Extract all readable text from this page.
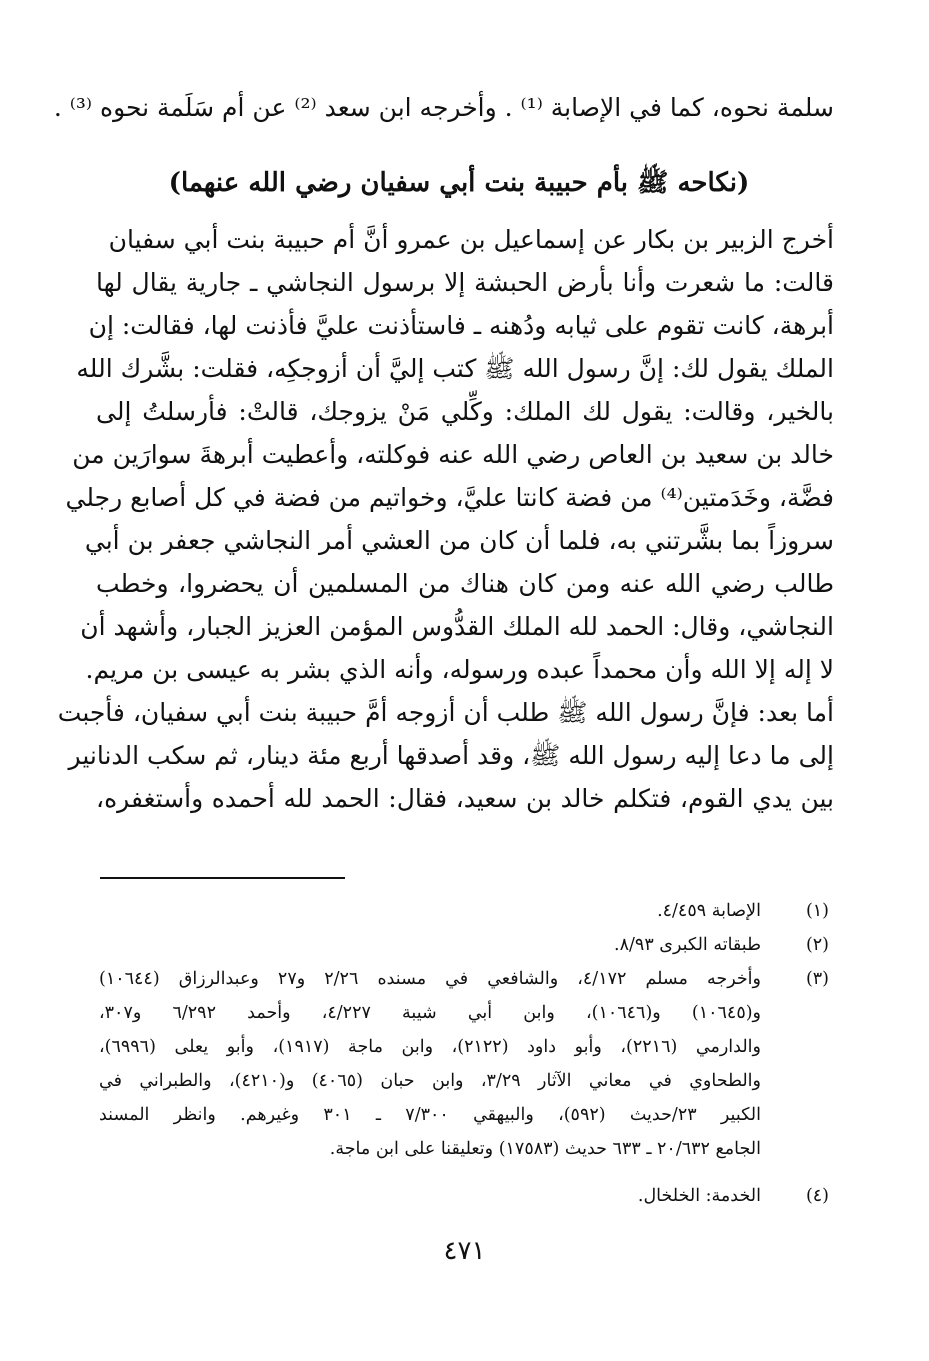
سلمة نحوه، كما في الإصابة ⁽¹⁾ . وأخرجه ابن سعد ⁽²⁾ عن أم سَلَمة نحوه ⁽³⁾ .
(نكاحه ﷺ بأم حبيبة بنت أبي سفيان رضي الله عنهما)
أخرج الزبير بن بكار عن إسماعيل بن عمرو أنَّ أم حبيبة بنت أبي سفيان
قالت: ما شعرت وأنا بأرض الحبشة إلا برسول النجاشي ـ جارية يقال لها
أبرهة، كانت تقوم على ثيابه ودُهنه ـ فاستأذنت عليَّ فأذنت لها، فقالت: إن
الملك يقول لك: إنَّ رسول الله ﷺ كتب إليَّ أن أزوجكِه، فقلت: بشَّرك الله
بالخير، وقالت: يقول لك الملك: وكِّلي مَنْ يزوجك، قالتْ: فأرسلتُ إلى
خالد بن سعيد بن العاص رضي الله عنه فوكلته، وأعطيت أبرهةَ سوارَين من
فضَّة، وخَدَمتين⁽⁴⁾ من فضة كانتا عليَّ، وخواتيم من فضة في كل أصابع رجلي
سروزاً بما بشَّرتني به، فلما أن كان من العشي أمر النجاشي جعفر بن أبي
طالب رضي الله عنه ومن كان هناك من المسلمين أن يحضروا، وخطب
النجاشي، وقال: الحمد لله الملك القدُّوس المؤمن العزيز الجبار، وأشهد أن
لا إله إلا الله وأن محمداً عبده ورسوله، وأنه الذي بشر به عيسى بن مريم.
أما بعد: فإنَّ رسول الله ﷺ طلب أن أزوجه أمَّ حبيبة بنت أبي سفيان، فأجبت
إلى ما دعا إليه رسول الله ﷺ، وقد أصدقها أربع مئة دينار، ثم سكب الدنانير
بين يدي القوم، فتكلم خالد بن سعيد، فقال: الحمد لله أحمده وأستغفره،
(١)
الإصابة ٤/٤٥٩.
(٢)
طبقاته الكبرى ٨/٩٣.
(٣)
وأخرجه مسلم ٤/١٧٢، والشافعي في مسنده ٢/٢٦ و٢٧ وعبدالرزاق (١٠٦٤٤)
و(١٠٦٤٥) و(١٠٦٤٦)، وابن أبي شيبة ٤/٢٢٧، وأحمد ٦/٢٩٢ و٣٠٧،
والدارمي (٢٢١٦)، وأبو داود (٢١٢٢)، وابن ماجة (١٩١٧)، وأبو يعلى (٦٩٩٦)،
والطحاوي في معاني الآثار ٣/٢٩، وابن حبان (٤٠٦٥) و(٤٢١٠)، والطبراني في
الكبير ٢٣/حديث (٥٩٢)، والبيهقي ٧/٣٠٠ ـ ٣٠١ وغيرهم. وانظر المسند
الجامع ٢٠/٦٣٢ ـ ٦٣٣ حديث (١٧٥٨٣) وتعليقنا على ابن ماجة.
(٤)
الخدمة: الخلخال.
٤٧١
